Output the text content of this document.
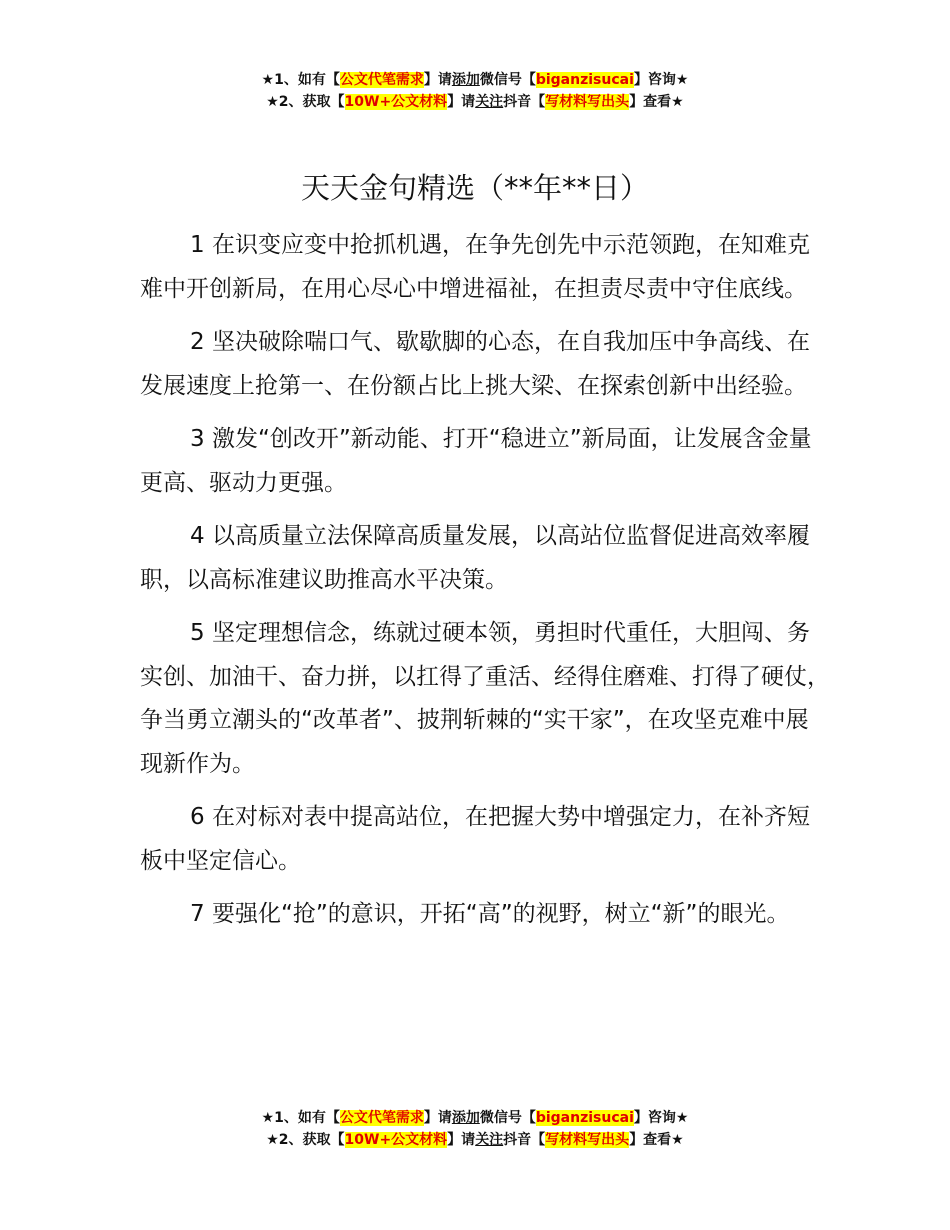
★1、如有【公文代笔需求】请添加微信号【biganzisucai】咨询★
★2、获取【10W+公文材料】请关注抖音【写材料写出头】查看★
天天金句精选（**年**日）

1 在识变应变中抢抓机遇，在争先创先中示范领跑，在知难克难中开创新局，在用心尽心中增进福祉，在担责尽责中守住底线。

2 坚决破除喘口气、歇歇脚的心态，在自我加压中争高线、在发展速度上抢第一、在份额占比上挑大梁、在探索创新中出经验。

3 激发“创改开”新动能、打开“稳进立”新局面，让发展含金量更高、驱动力更强。

4 以高质量立法保障高质量发展，以高站位监督促进高效率履职，以高标准建议助推高水平决策。

5 坚定理想信念，练就过硬本领，勇担时代重任，大胆闯、务实创、加油干、奋力拼，以扛得了重活、经得住磨难、打得了硬仗，争当勇立潮头的“改革者”、披荆斩棘的“实干家”，在攻坚克难中展现新作为。

6 在对标对表中提高站位，在把握大势中增强定力，在补齐短板中坚定信心。

7 要强化“抢”的意识，开拓“高”的视野，树立“新”的眼光。

★1、如有【公文代笔需求】请添加微信号【biganzisucai】咨询★
★2、获取【10W+公文材料】请关注抖音【写材料写出头】查看★
